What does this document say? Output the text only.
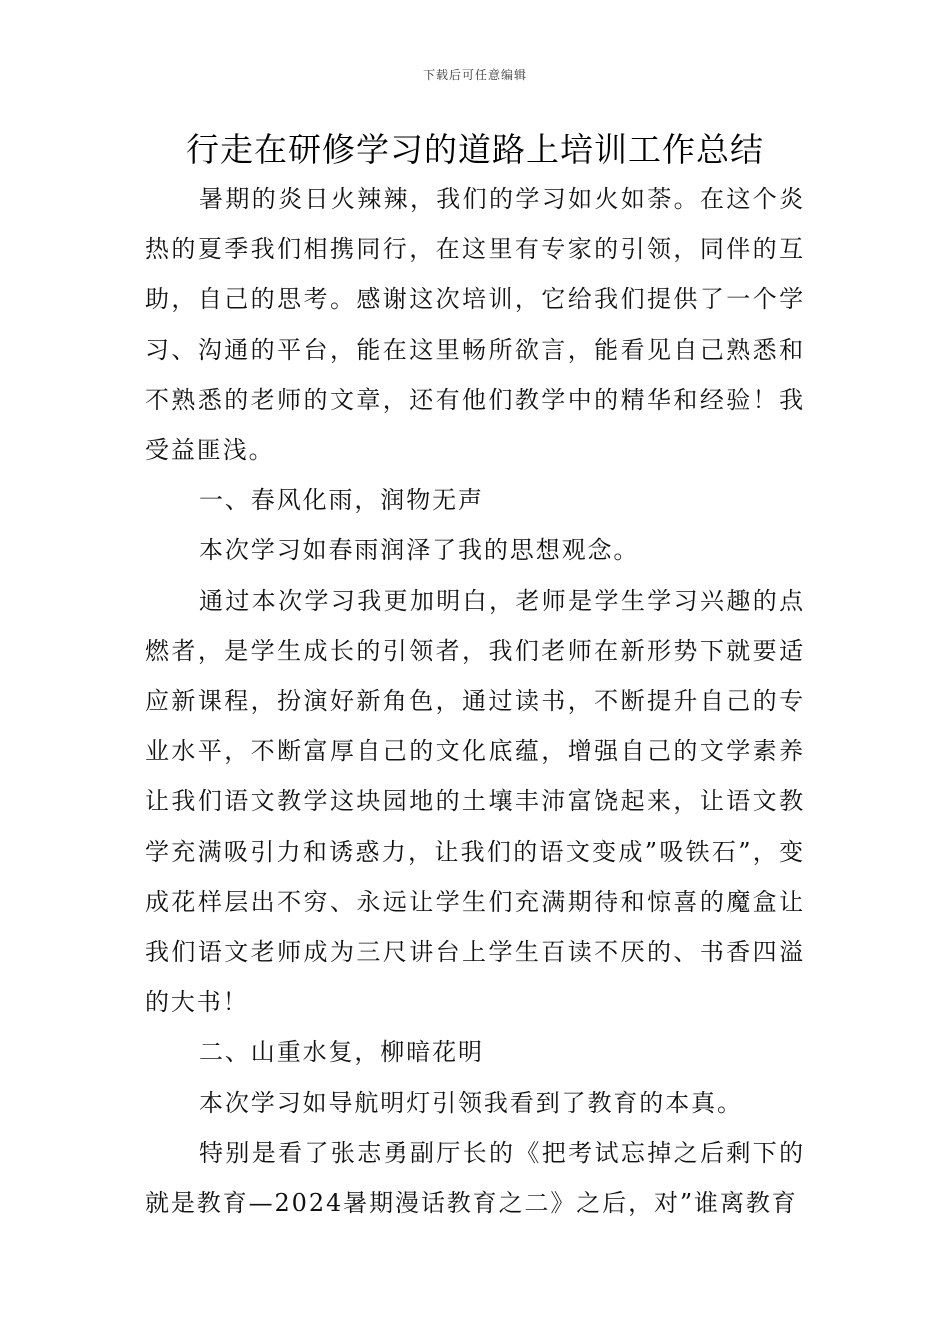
下载后可任意编辑
行走在研修学习的道路上培训工作总结

暑期的炎日火辣辣，我们的学习如火如荼。在这个炎热的夏季我们相携同行，在这里有专家的引领，同伴的互助，自己的思考。感谢这次培训，它给我们提供了一个学习、沟通的平台，能在这里畅所欲言，能看见自己熟悉和不熟悉的老师的文章，还有他们教学中的精华和经验！我受益匪浅。

一、春风化雨，润物无声

本次学习如春雨润泽了我的思想观念。

通过本次学习我更加明白，老师是学生学习兴趣的点燃者，是学生成长的引领者，我们老师在新形势下就要适应新课程，扮演好新角色，通过读书，不断提升自己的专业水平，不断富厚自己的文化底蕴，增强自己的文学素养让我们语文教学这块园地的土壤丰沛富饶起来，让语文教学充满吸引力和诱惑力，让我们的语文变成”吸铁石”，变成花样层出不穷、永远让学生们充满期待和惊喜的魔盒让我们语文老师成为三尺讲台上学生百读不厌的、书香四溢的大书！

二、山重水复，柳暗花明

本次学习如导航明灯引领我看到了教育的本真。

特别是看了张志勇副厅长的《把考试忘掉之后剩下的就是教育—2024暑期漫话教育之二》之后，对”谁离教育
